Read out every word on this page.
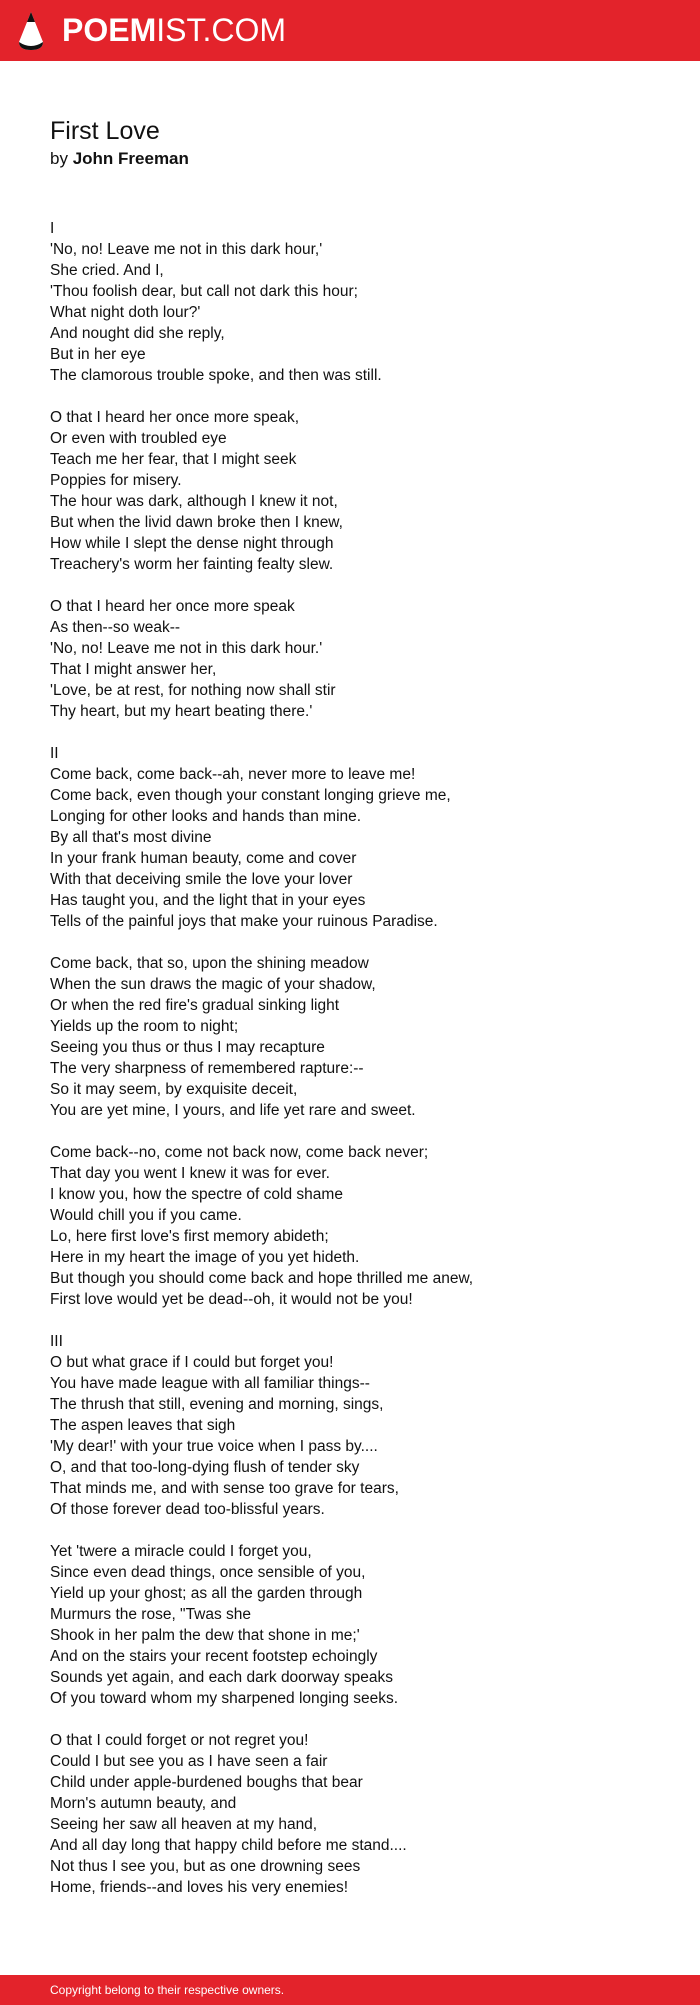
POEMIST.COM
First Love
by John Freeman
I
'No, no! Leave me not in this dark hour,'
She cried. And I,
'Thou foolish dear, but call not dark this hour;
What night doth lour?'
And nought did she reply,
But in her eye
The clamorous trouble spoke, and then was still.
O that I heard her once more speak,
Or even with troubled eye
Teach me her fear, that I might seek
Poppies for misery.
The hour was dark, although I knew it not,
But when the livid dawn broke then I knew,
How while I slept the dense night through
Treachery's worm her fainting fealty slew.
O that I heard her once more speak
As then--so weak--
'No, no! Leave me not in this dark hour.'
That I might answer her,
'Love, be at rest, for nothing now shall stir
Thy heart, but my heart beating there.'
II
Come back, come back--ah, never more to leave me!
Come back, even though your constant longing grieve me,
Longing for other looks and hands than mine.
By all that's most divine
In your frank human beauty, come and cover
With that deceiving smile the love your lover
Has taught you, and the light that in your eyes
Tells of the painful joys that make your ruinous Paradise.
Come back, that so, upon the shining meadow
When the sun draws the magic of your shadow,
Or when the red fire's gradual sinking light
Yields up the room to night;
Seeing you thus or thus I may recapture
The very sharpness of remembered rapture:--
So it may seem, by exquisite deceit,
You are yet mine, I yours, and life yet rare and sweet.
Come back--no, come not back now, come back never;
That day you went I knew it was for ever.
I know you, how the spectre of cold shame
Would chill you if you came.
Lo, here first love's first memory abideth;
Here in my heart the image of you yet hideth.
But though you should come back and hope thrilled me anew,
First love would yet be dead--oh, it would not be you!
III
O but what grace if I could but forget you!
You have made league with all familiar things--
The thrush that still, evening and morning, sings,
The aspen leaves that sigh
'My dear!' with your true voice when I pass by....
O, and that too-long-dying flush of tender sky
That minds me, and with sense too grave for tears,
Of those forever dead too-blissful years.
Yet 'twere a miracle could I forget you,
Since even dead things, once sensible of you,
Yield up your ghost; as all the garden through
Murmurs the rose, "Twas she
Shook in her palm the dew that shone in me;'
And on the stairs your recent footstep echoingly
Sounds yet again, and each dark doorway speaks
Of you toward whom my sharpened longing seeks.
O that I could forget or not regret you!
Could I but see you as I have seen a fair
Child under apple-burdened boughs that bear
Morn's autumn beauty, and
Seeing her saw all heaven at my hand,
And all day long that happy child before me stand....
Not thus I see you, but as one drowning sees
Home, friends--and loves his very enemies!
Copyright belong to their respective owners.
